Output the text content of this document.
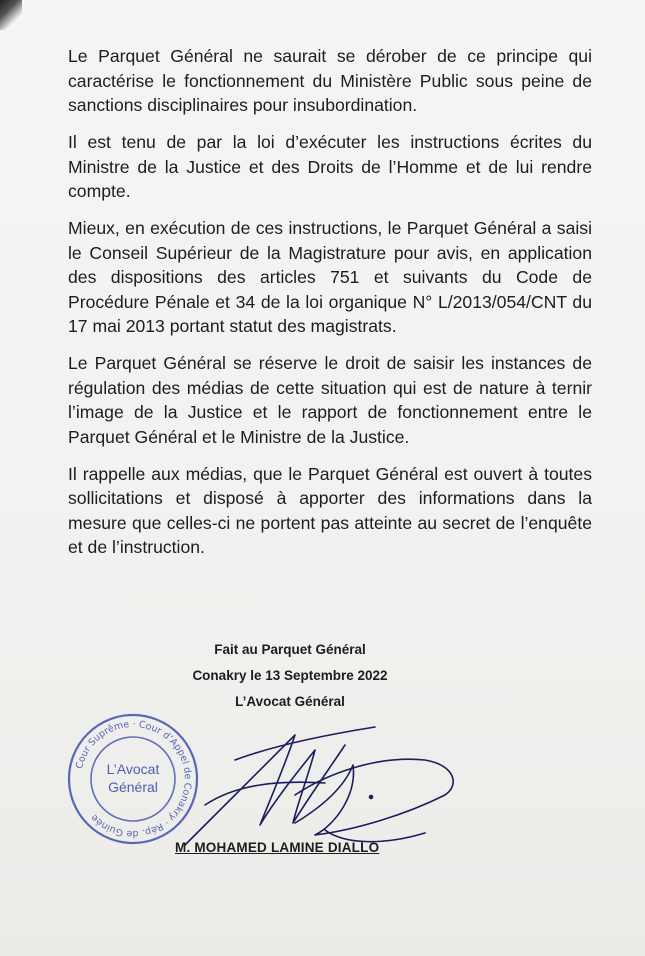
Le Parquet Général ne saurait se dérober de ce principe qui caractérise le fonctionnement du Ministère Public sous peine de sanctions disciplinaires pour insubordination.

Il est tenu de par la loi d’exécuter les instructions écrites du Ministre de la Justice et des Droits de l’Homme et de lui rendre compte.

Mieux, en exécution de ces instructions, le Parquet Général a saisi le Conseil Supérieur de la Magistrature pour avis, en application des dispositions des articles 751 et suivants du Code de Procédure Pénale et 34 de la loi organique N° L/2013/054/CNT du 17 mai 2013 portant statut des magistrats.

Le Parquet Général se réserve le droit de saisir les instances de régulation des médias de cette situation qui est de nature à ternir l’image de la Justice et le rapport de fonctionnement entre le Parquet Général et le Ministre de la Justice.

Il rappelle aux médias, que le Parquet Général est ouvert à toutes sollicitations et disposé à apporter des informations dans la mesure que celles-ci ne portent pas atteinte au secret de l’enquête et de l’instruction.

Fait au Parquet Général
Conakry le 13 Septembre 2022
L’Avocat Général
Cour Suprême · Cour d’Appel de Conakry · Rép. de Guinée
L’Avocat
Général
M. MOHAMED LAMINE DIALLO
